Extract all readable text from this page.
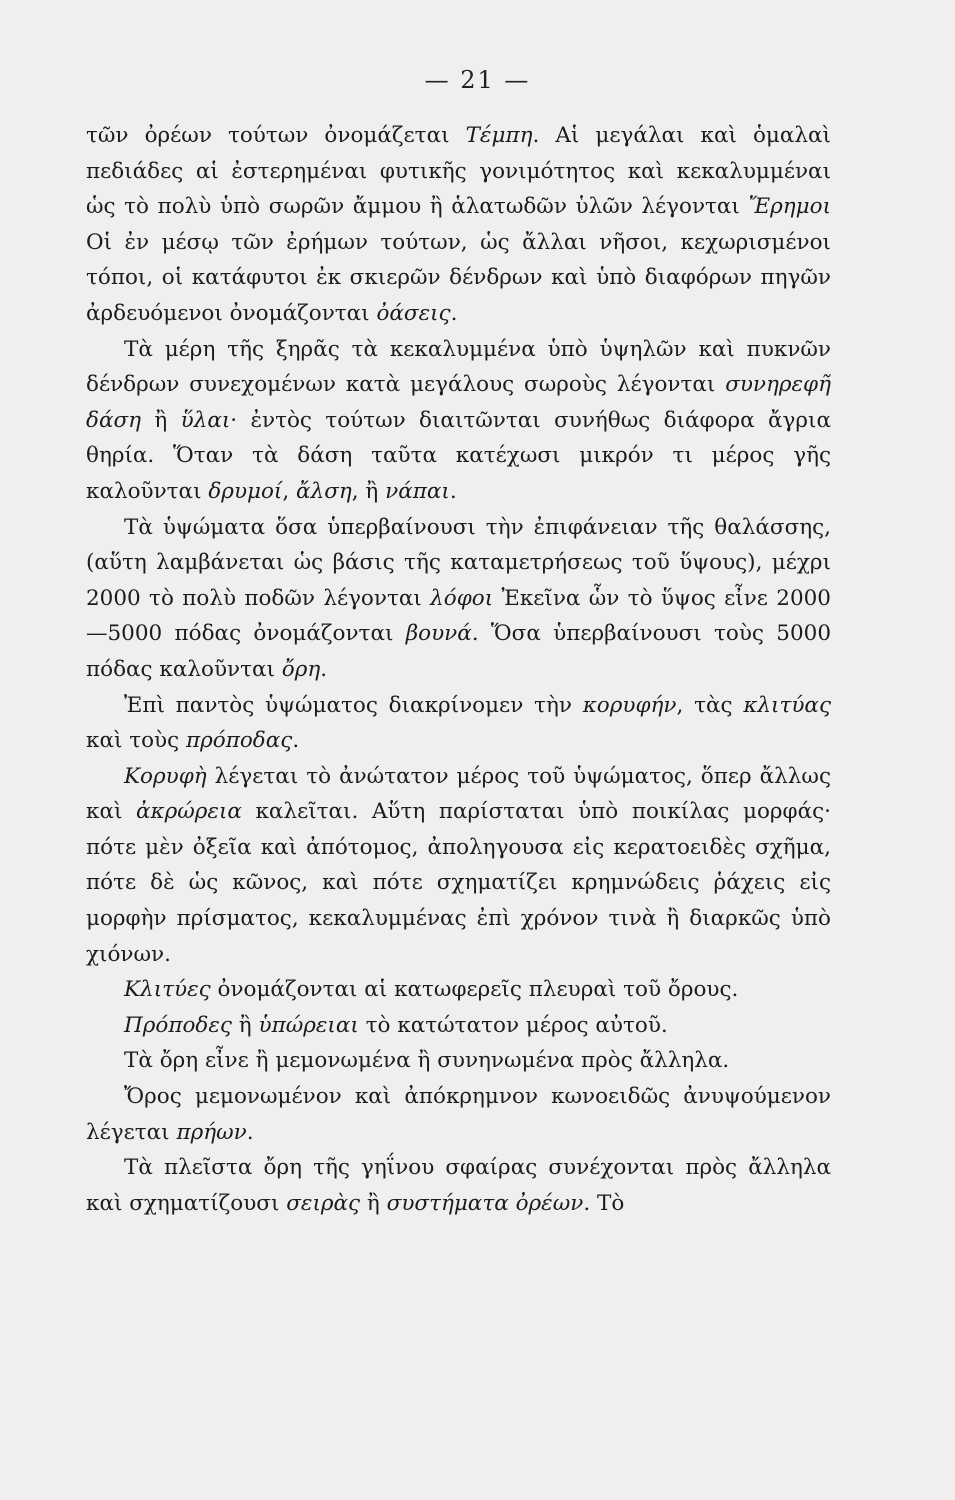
— 21 —

τῶν ὀρέων τούτων ὀνομάζεται Τέμπη. Αἱ μεγάλαι καὶ ὁμαλαὶ πεδιάδες αἱ ἐστερημέναι φυτικῆς γονιμότητος καὶ κεκαλυμμέναι ὡς τὸ πολὺ ὑπὸ σωρῶν ἄμμου ἢ ἁλατωδῶν ὑλῶν λέγονται Ἔρημοι Οἱ ἐν μέσῳ τῶν ἐρήμων τούτων, ὡς ἄλλαι νῆσοι, κεχωρισμένοι τόποι, οἱ κατάφυτοι ἐκ σκιερῶν δένδρων καὶ ὑπὸ διαφόρων πηγῶν ἀρδευόμενοι ὀνομάζονται ὀάσεις.

Τὰ μέρη τῆς ξηρᾶς τὰ κεκαλυμμένα ὑπὸ ὑψηλῶν καὶ πυκνῶν δένδρων συνεχομένων κατὰ μεγάλους σωροὺς λέγονται συνηρεφῆ δάση ἢ ὕλαι· ἐντὸς τούτων διαιτῶνται συνήθως διάφορα ἄγρια θηρία. Ὅταν τὰ δάση ταῦτα κατέχωσι μικρόν τι μέρος γῆς καλοῦνται δρυμοί, ἄλση, ἢ νάπαι.

Τὰ ὑψώματα ὅσα ὑπερβαίνουσι τὴν ἐπιφάνειαν τῆς θαλάσσης, (αὕτη λαμβάνεται ὡς βάσις τῆς καταμετρήσεως τοῦ ὕψους), μέχρι 2000 τὸ πολὺ ποδῶν λέγονται λόφοι Ἐκεῖνα ὧν τὸ ὕψος εἶνε 2000—5000 πόδας ὀνομάζονται βουνά. Ὅσα ὑπερβαίνουσι τοὺς 5000 πόδας καλοῦνται ὄρη.

Ἐπὶ παντὸς ὑψώματος διακρίνομεν τὴν κορυφήν, τὰς κλιτύας καὶ τοὺς πρόποδας.

Κορυφὴ λέγεται τὸ ἀνώτατον μέρος τοῦ ὑψώματος, ὅπερ ἄλλως καὶ ἀκρώρεια καλεῖται. Αὕτη παρίσταται ὑπὸ ποικίλας μορφάς· πότε μὲν ὀξεῖα καὶ ἀπότομος, ἀποληγουσα εἰς κερατοειδὲς σχῆμα, πότε δὲ ὡς κῶνος, καὶ πότε σχηματίζει κρημνώδεις ῥάχεις εἰς μορφὴν πρίσματος, κεκαλυμμένας ἐπὶ χρόνον τινὰ ἢ διαρκῶς ὑπὸ χιόνων.

Κλιτύες ὀνομάζονται αἱ κατωφερεῖς πλευραὶ τοῦ ὄρους.

Πρόποδες ἢ ὑπώρειαι τὸ κατώτατον μέρος αὐτοῦ.

Τὰ ὄρη εἶνε ἢ μεμονωμένα ἢ συνηνωμένα πρὸς ἄλληλα.

Ὄρος μεμονωμένον καὶ ἀπόκρημνον κωνοειδῶς ἀνυψούμενον λέγεται πρήων.

Τὰ πλεῖστα ὄρη τῆς γηΐνου σφαίρας συνέχονται πρὸς ἄλληλα καὶ σχηματίζουσι σειρὰς ἢ συστήματα ὀρέων. Τὸ
